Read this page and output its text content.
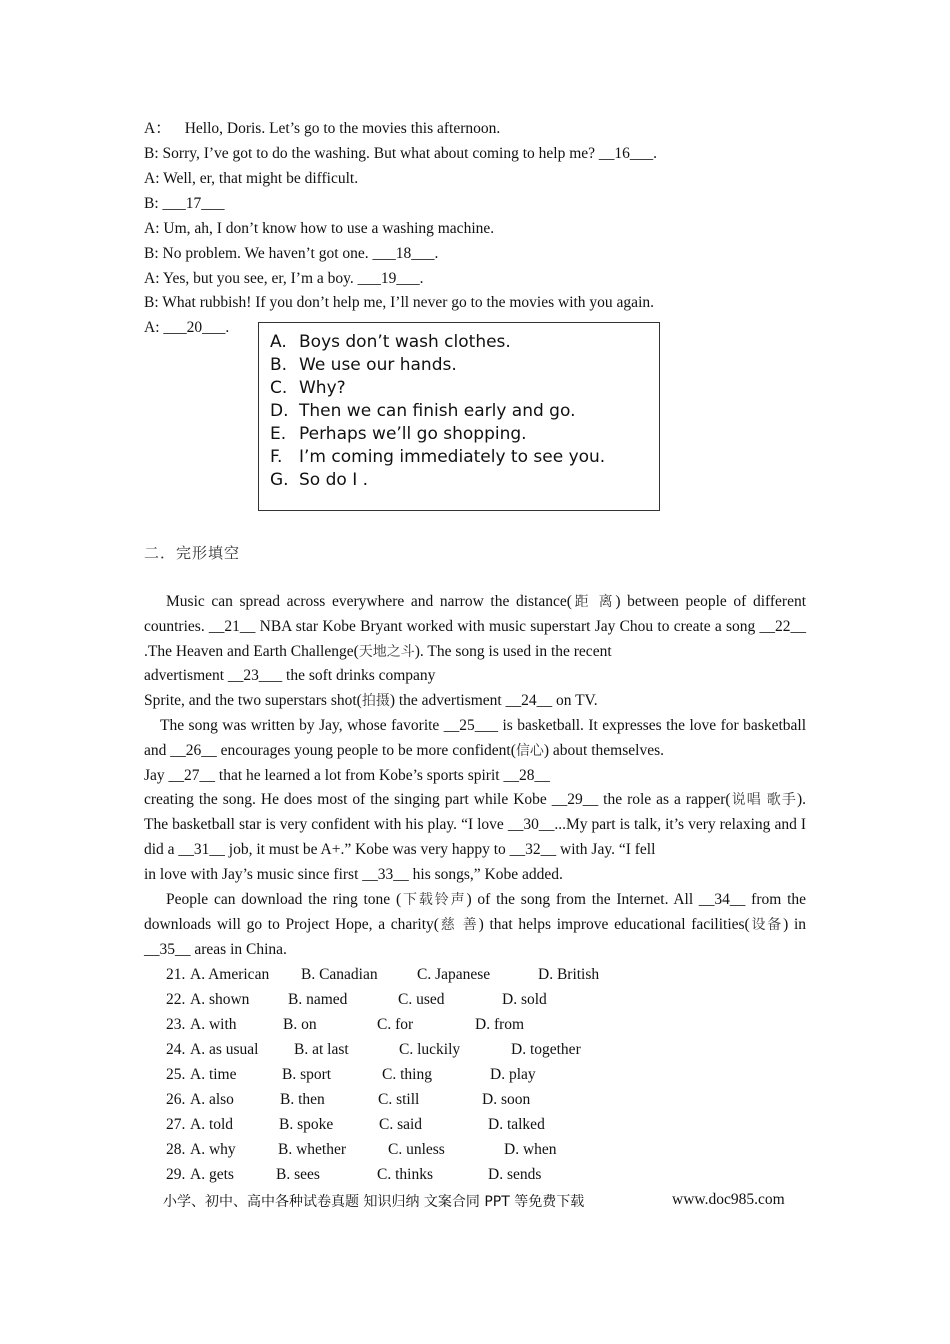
A： Hello, Doris. Let’s go to the movies this afternoon.
B: Sorry, I’ve got to do the washing. But what about coming to help me? __16___.
A: Well, er, that might be difficult.
B: ___17___
A: Um, ah, I don’t know how to use a washing machine.
B: No problem. We haven’t got one. ___18___.
A: Yes, but you see, er, I’m a boy. ___19___.
B: What rubbish! If you don’t help me, I’ll never go to the movies with you again.
A: ___20___.
A. Boys don’t wash clothes.
B. We use our hands.
C. Why?
D. Then we can finish early and go.
E. Perhaps we’ll go shopping.
F. I’m coming immediately to see you.
G. So do I .
二．完形填空
Music can spread across everywhere and narrow the distance(距 离) between people of different countries. __21__ NBA star Kobe Bryant worked with music superstart Jay Chou to create a song __22__ .The Heaven and Earth Challenge(天地之斗). The song is used in the recent
advertisment __23___ the soft drinks company
Sprite, and the two superstars shot(拍摄) the advertisment __24__ on TV.
The song was written by Jay, whose favorite __25___ is basketball. It expresses the love for basketball and __26__ encourages young people to be more confident(信心) about themselves.
Jay __27__ that he learned a lot from Kobe’s sports spirit __28__
creating the song. He does most of the singing part while Kobe __29__ the role as a rapper(说唱 歌手). The basketball star is very confident with his play. “I love __30__...My part is talk, it’s very relaxing and I did a __31__ job, it must be A+.” Kobe was very happy to __32__ with Jay. “I fell
in love with Jay’s music since first __33__ his songs,” Kobe added.
People can download the ring tone (下载铃声) of the song from the Internet. All __34__ from the downloads will go to Project Hope, a charity(慈 善) that helps improve educational facilities(设备) in __35__ areas in China.
21. A. American B. Canadian	C. Japanese	D. British
22. A. shown B. named	C. used	D. sold
23. A. with	B. on	C. for	D. from
24. A. as usual B. at last	C. luckily	D. together
25. A. time	B. sport	C. thing	D. play
26. A. also	B. then	C. still	D. soon
27. A. told	B. spoke	C. said	D. talked
28. A. why	B. whether	C. unless	D. when
29. A. gets	B. sees	C. thinks	D. sends
小学、初中、高中各种试卷真题 知识归纳 文案合同 PPT 等免费下载	www.doc985.com
